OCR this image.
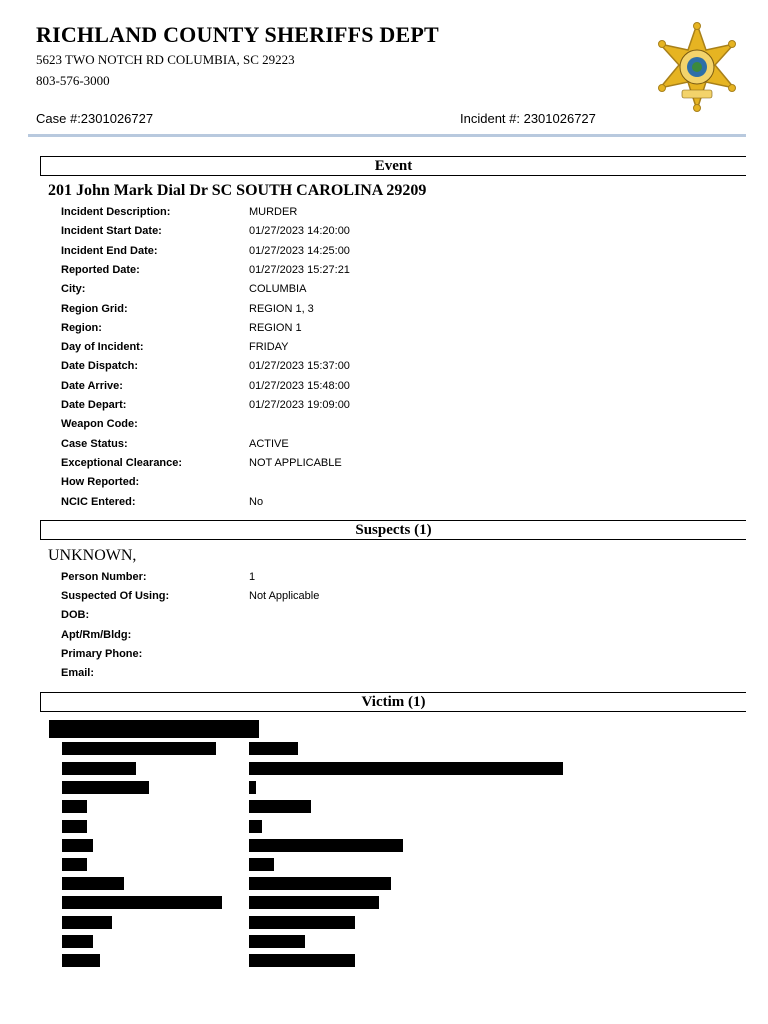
RICHLAND COUNTY SHERIFFS DEPT
5623 TWO NOTCH RD COLUMBIA, SC 29223
803-576-3000
Case #:2301026727	Incident #: 2301026727
Event
201 John Mark Dial Dr SC SOUTH CAROLINA 29209
Incident Description:	MURDER
Incident Start Date:	01/27/2023 14:20:00
Incident End Date:	01/27/2023 14:25:00
Reported Date:	01/27/2023 15:27:21
City:	COLUMBIA
Region Grid:	REGION 1, 3
Region:	REGION 1
Day of Incident:	FRIDAY
Date Dispatch:	01/27/2023 15:37:00
Date Arrive:	01/27/2023 15:48:00
Date Depart:	01/27/2023 19:09:00
Weapon Code:
Case Status:	ACTIVE
Exceptional Clearance:	NOT APPLICABLE
How Reported:
NCIC Entered:	No
Suspects (1)
UNKNOWN,
Person Number:	1
Suspected Of Using:	Not Applicable
DOB:
Apt/Rm/Bldg:
Primary Phone:
Email:
Victim (1)
